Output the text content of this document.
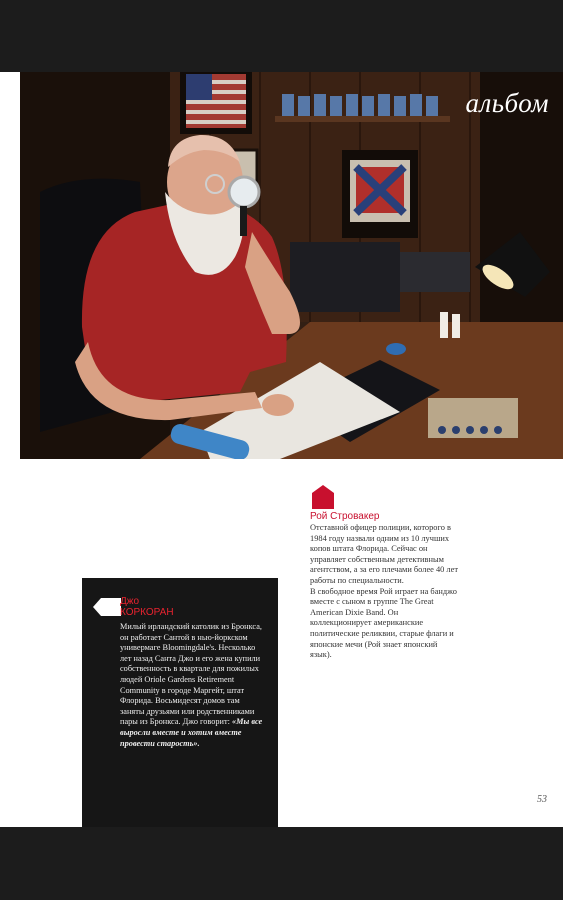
альбом
Рой Стровакер

Отставной офицер полиции, которого в 1984 году назвали одним из 10 лучших копов штата Флорида. Сейчас он управляет собственным детективным агентством, а за его плечами более 40 лет работы по специальности.

В свободное время Рой играет на банджо вместе с сыном в группе The Great American Dixie Band. Он коллекционирует американские политические реликвии, старые флаги и японские мечи (Рой знает японский язык).

Джо
КОРКОРАН

Милый ирландский католик из Бронкса, он работает Сантой в нью-йоркском универмаге Bloomingdale's. Несколько лет назад Санта Джо и его жена купили собственность в квартале для пожилых людей Oriole Gardens Retirement Community в городе Маргейт, штат Флорида. Восьмидесят домов там заняты друзьями или родственниками пары из Бронкса. Джо говорит: «Мы все выросли вместе и хотим вместе провести старость».

53
